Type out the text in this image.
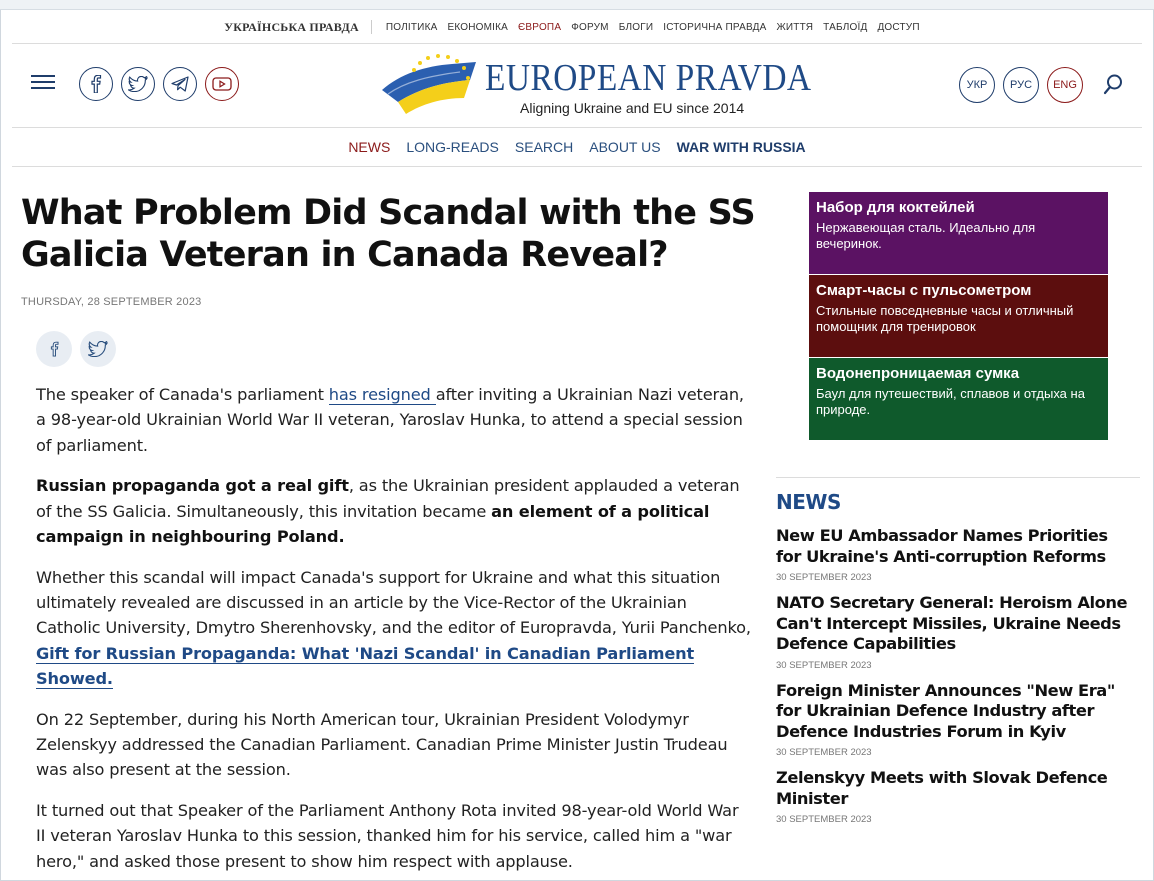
УКРАЇНСЬКА ПРАВДА	ПОЛІТИКА ЕКОНОМІКА ЄВРОПА ФОРУМ БЛОГИ ІСТОРИЧНА ПРАВДА ЖИТТЯ ТАБЛОЇД ДОСТУП
EUROPEAN PRAVDA
Aligning Ukraine and EU since 2014
УКР	РУС	ENG
NEWS LONG-READS SEARCH ABOUT US WAR WITH RUSSIA
What Problem Did Scandal with the SS Galicia Veteran in Canada Reveal?
THURSDAY, 28 SEPTEMBER 2023

The speaker of Canada's parliament has resigned after inviting a Ukrainian Nazi veteran, a 98-year-old Ukrainian World War II veteran, Yaroslav Hunka, to attend a special session of parliament.

Russian propaganda got a real gift, as the Ukrainian president applauded a veteran of the SS Galicia. Simultaneously, this invitation became an element of a political campaign in neighbouring Poland.

Whether this scandal will impact Canada's support for Ukraine and what this situation ultimately revealed are discussed in an article by the Vice-Rector of the Ukrainian Catholic University, Dmytro Sherenhovsky, and the editor of Europravda, Yurii Panchenko, Gift for Russian Propaganda: What 'Nazi Scandal' in Canadian Parliament Showed.

On 22 September, during his North American tour, Ukrainian President Volodymyr Zelenskyy addressed the Canadian Parliament. Canadian Prime Minister Justin Trudeau was also present at the session.

It turned out that Speaker of the Parliament Anthony Rota invited 98-year-old World War II veteran Yaroslav Hunka to this session, thanked him for his service, called him a "war hero," and asked those present to show him respect with applause.

Набор для коктейлей
Нержавеющая сталь. Идеально для вечеринок.
Смарт-часы с пульсометром
Стильные повседневные часы и отличный помощник для тренировок
Водонепроницаемая сумка
Баул для путешествий, сплавов и отдыха на природе.
NEWS
New EU Ambassador Names Priorities for Ukraine's Anti-corruption Reforms
30 SEPTEMBER 2023
NATO Secretary General: Heroism Alone Can't Intercept Missiles, Ukraine Needs Defence Capabilities
30 SEPTEMBER 2023
Foreign Minister Announces "New Era" for Ukrainian Defence Industry after Defence Industries Forum in Kyiv
30 SEPTEMBER 2023
Zelenskyy Meets with Slovak Defence Minister
30 SEPTEMBER 2023
